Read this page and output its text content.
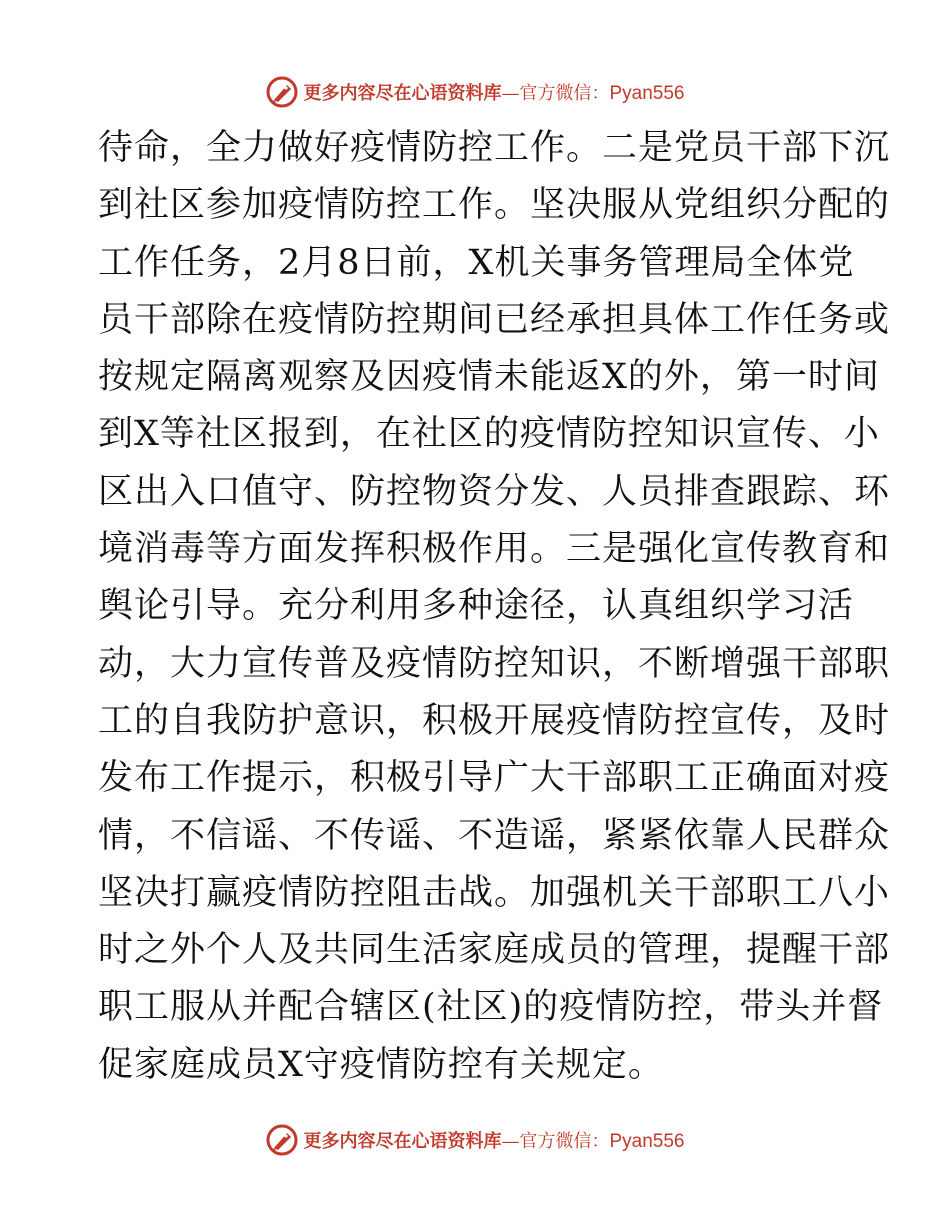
更多内容尽在心语资料库—官方微信：Pyan556
待命，全力做好疫情防控工作。二是党员干部下沉
到社区参加疫情防控工作。坚决服从党组织分配的
工作任务，2月8日前，X机关事务管理局全体党
员干部除在疫情防控期间已经承担具体工作任务或
按规定隔离观察及因疫情未能返X的外，第一时间
到X等社区报到，在社区的疫情防控知识宣传、小
区出入口值守、防控物资分发、人员排查跟踪、环
境消毒等方面发挥积极作用。三是强化宣传教育和
舆论引导。充分利用多种途径，认真组织学习活
动，大力宣传普及疫情防控知识，不断增强干部职
工的自我防护意识，积极开展疫情防控宣传，及时
发布工作提示，积极引导广大干部职工正确面对疫
情，不信谣、不传谣、不造谣，紧紧依靠人民群众
坚决打赢疫情防控阻击战。加强机关干部职工八小
时之外个人及共同生活家庭成员的管理，提醒干部
职工服从并配合辖区(社区)的疫情防控，带头并督
促家庭成员X守疫情防控有关规定。
更多内容尽在心语资料库—官方微信：Pyan556
